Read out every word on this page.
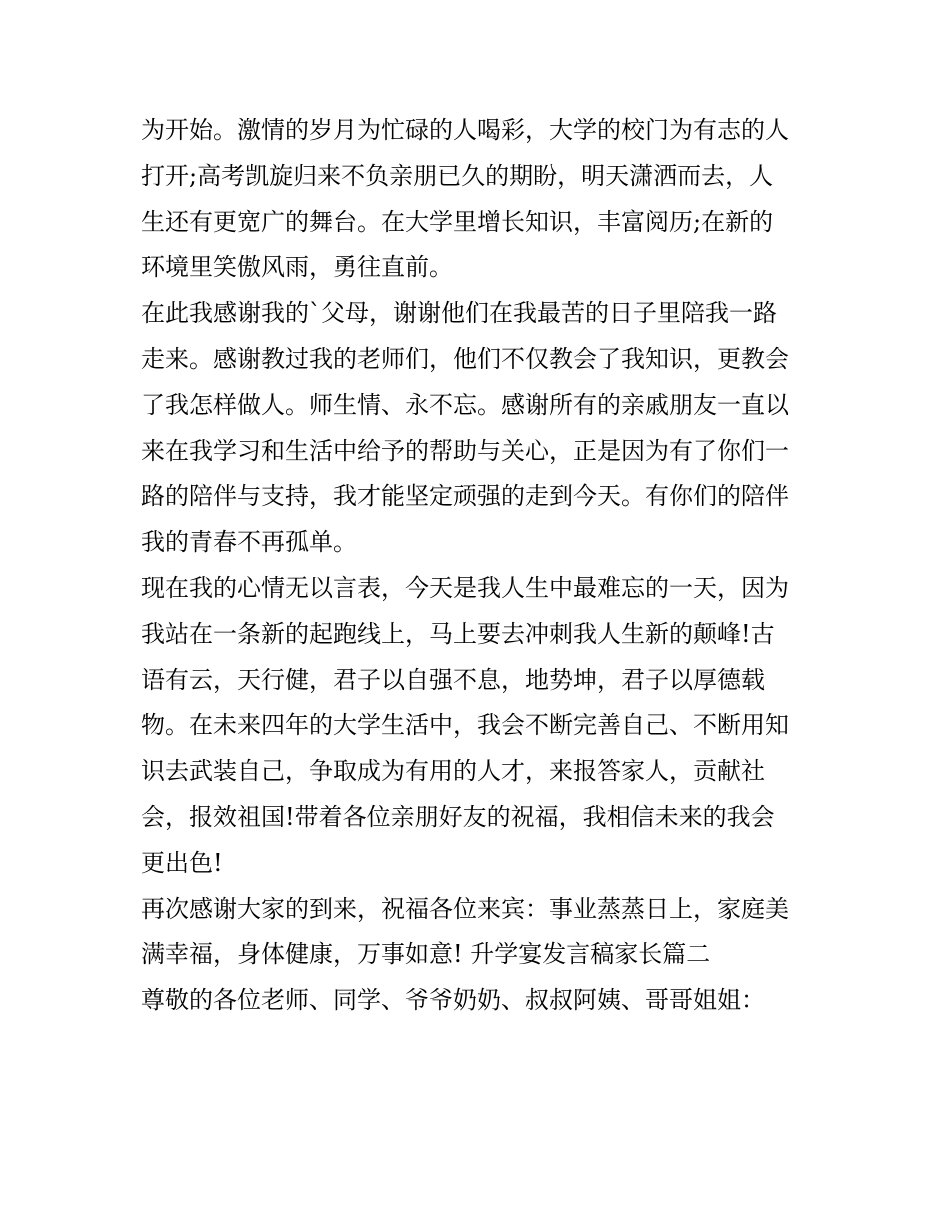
为开始。激情的岁月为忙碌的人喝彩，大学的校门为有志的人
打开;高考凯旋归来不负亲朋已久的期盼，明天潇洒而去，人
生还有更宽广的舞台。在大学里增长知识，丰富阅历;在新的
环境里笑傲风雨，勇往直前。
在此我感谢我的`父母，谢谢他们在我最苦的日子里陪我一路
走来。感谢教过我的老师们，他们不仅教会了我知识，更教会
了我怎样做人。师生情、永不忘。感谢所有的亲戚朋友一直以
来在我学习和生活中给予的帮助与关心，正是因为有了你们一
路的陪伴与支持，我才能坚定顽强的走到今天。有你们的陪伴
我的青春不再孤单。
现在我的心情无以言表，今天是我人生中最难忘的一天，因为
我站在一条新的起跑线上，马上要去冲刺我人生新的颠峰!古
语有云，天行健，君子以自强不息，地势坤，君子以厚德载
物。在未来四年的大学生活中，我会不断完善自己、不断用知
识去武装自己，争取成为有用的人才，来报答家人，贡献社
会，报效祖国!带着各位亲朋好友的祝福，我相信未来的我会
更出色!
再次感谢大家的到来，祝福各位来宾：事业蒸蒸日上，家庭美
满幸福，身体健康，万事如意! 升学宴发言稿家长篇二
尊敬的各位老师、同学、爷爷奶奶、叔叔阿姨、哥哥姐姐：
